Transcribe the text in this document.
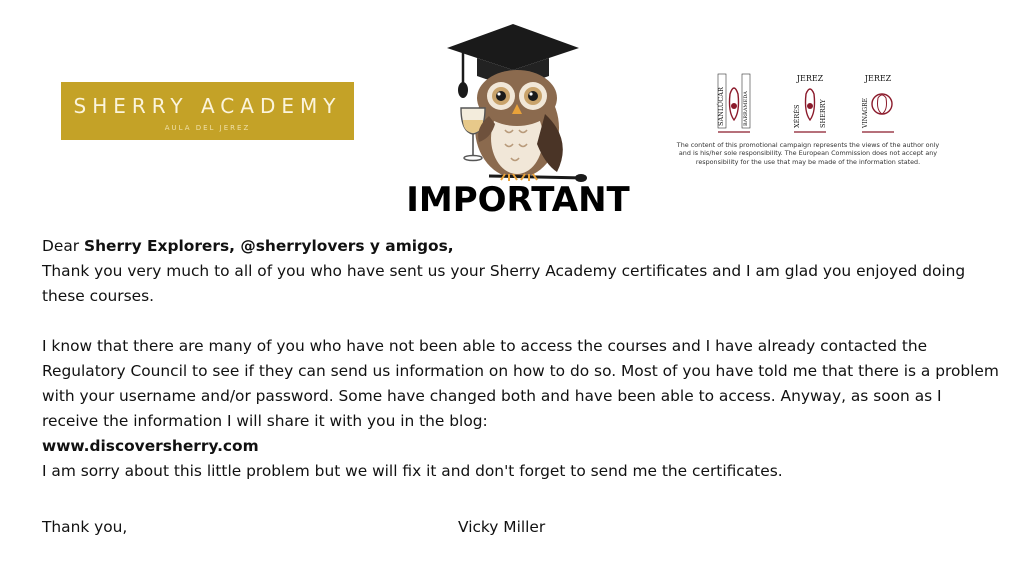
SHERRY ACADEMY
AULA DEL JEREZ
IMPORTANT
SANLÚCAR	BARRAMEDA
JEREZ
XÉRÈS	SHERRY
JEREZ
VINAGRE
The content of this promotional campaign represents the views of the author only and is his/her sole responsibility. The European Commission does not accept any responsibility for the use that may be made of the information stated.

Dear Sherry Explorers, @sherrylovers y amigos,

Thank you very much to all of you who have sent us your Sherry Academy certificates and I am glad you enjoyed doing these courses.

I know that there are many of you who have not been able to access the courses and I have already contacted the Regulatory Council to see if they can send us information on how to do so. Most of you have told me that there is a problem with your username and/or password. Some have changed both and have been able to access. Anyway, as soon as I receive the information I will share it with you in the blog:

www.discoversherry.com

I am sorry about this little problem but we will fix it and don't forget to send me the certificates.

Thank you,	Vicky Miller
